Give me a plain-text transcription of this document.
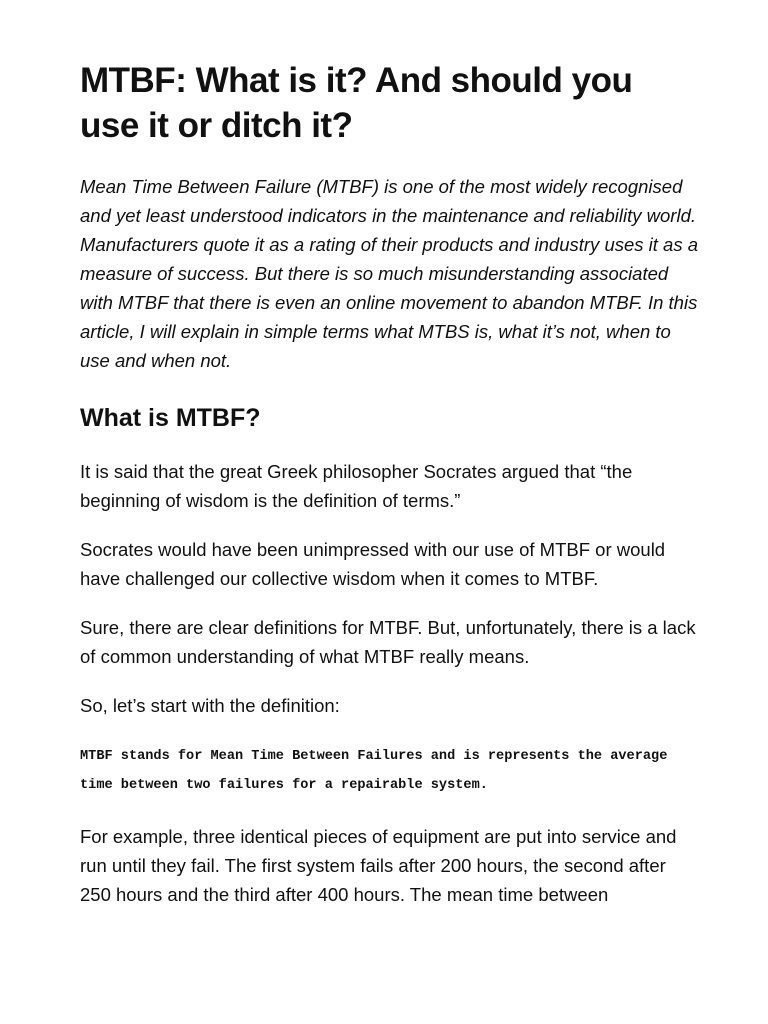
MTBF: What is it? And should you use it or ditch it?

Mean Time Between Failure (MTBF) is one of the most widely recognised and yet least understood indicators in the maintenance and reliability world. Manufacturers quote it as a rating of their products and industry uses it as a measure of success. But there is so much misunderstanding associated with MTBF that there is even an online movement to abandon MTBF. In this article, I will explain in simple terms what MTBS is, what it’s not, when to use and when not.

What is MTBF?

It is said that the great Greek philosopher Socrates argued that “the beginning of wisdom is the definition of terms.”

Socrates would have been unimpressed with our use of MTBF or would have challenged our collective wisdom when it comes to MTBF.

Sure, there are clear definitions for MTBF. But, unfortunately, there is a lack of common understanding of what MTBF really means.

So, let’s start with the definition:

MTBF stands for Mean Time Between Failures and is represents the average time between two failures for a repairable system.

For example, three identical pieces of equipment are put into service and run until they fail. The first system fails after 200 hours, the second after 250 hours and the third after 400 hours. The mean time between
